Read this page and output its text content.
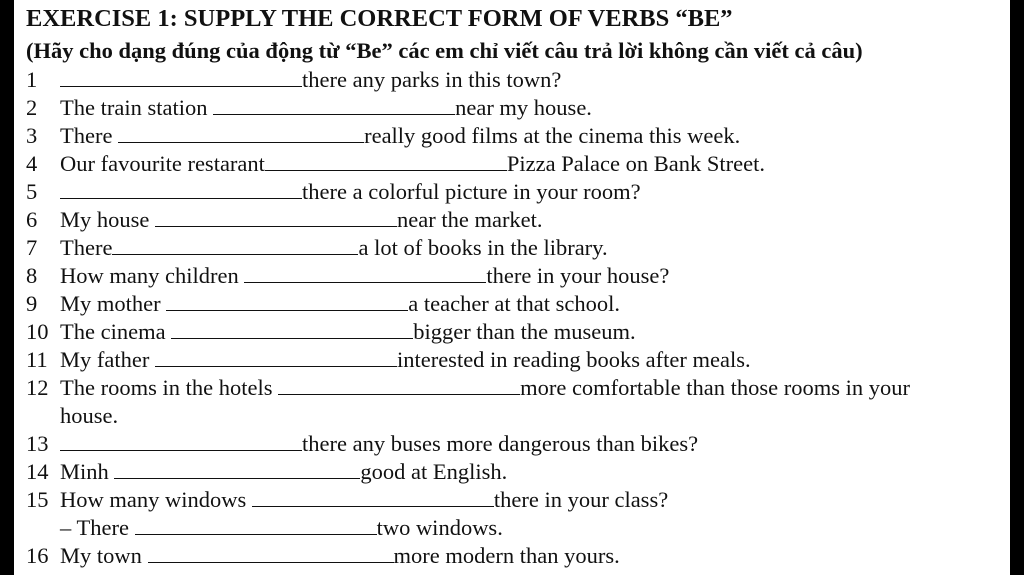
EXERCISE 1: SUPPLY THE CORRECT FORM OF VERBS “BE”
(Hãy cho dạng đúng của động từ “Be” các em chỉ viết câu trả lời không cần viết cả câu)
1	there any parks in this town?
2 The train station	near my house.
3 There	really good films at the cinema this week.
4 Our favourite restarant	Pizza Palace on Bank Street.
5	there a colorful picture in your room?
6 My house	near the market.
7 There	a lot of books in the library.
8 How many children	there in your house?
9 My mother	a teacher at that school.
10 The cinema	bigger than the museum.
11 My father	interested in reading books after meals.
12 The rooms in the hotels	more comfortable than those rooms in your
house.
13	there any buses more dangerous than bikes?
14 Minh	good at English.
15 How many windows	there in your class?
– There	two windows.
16 My town	more modern than yours.
